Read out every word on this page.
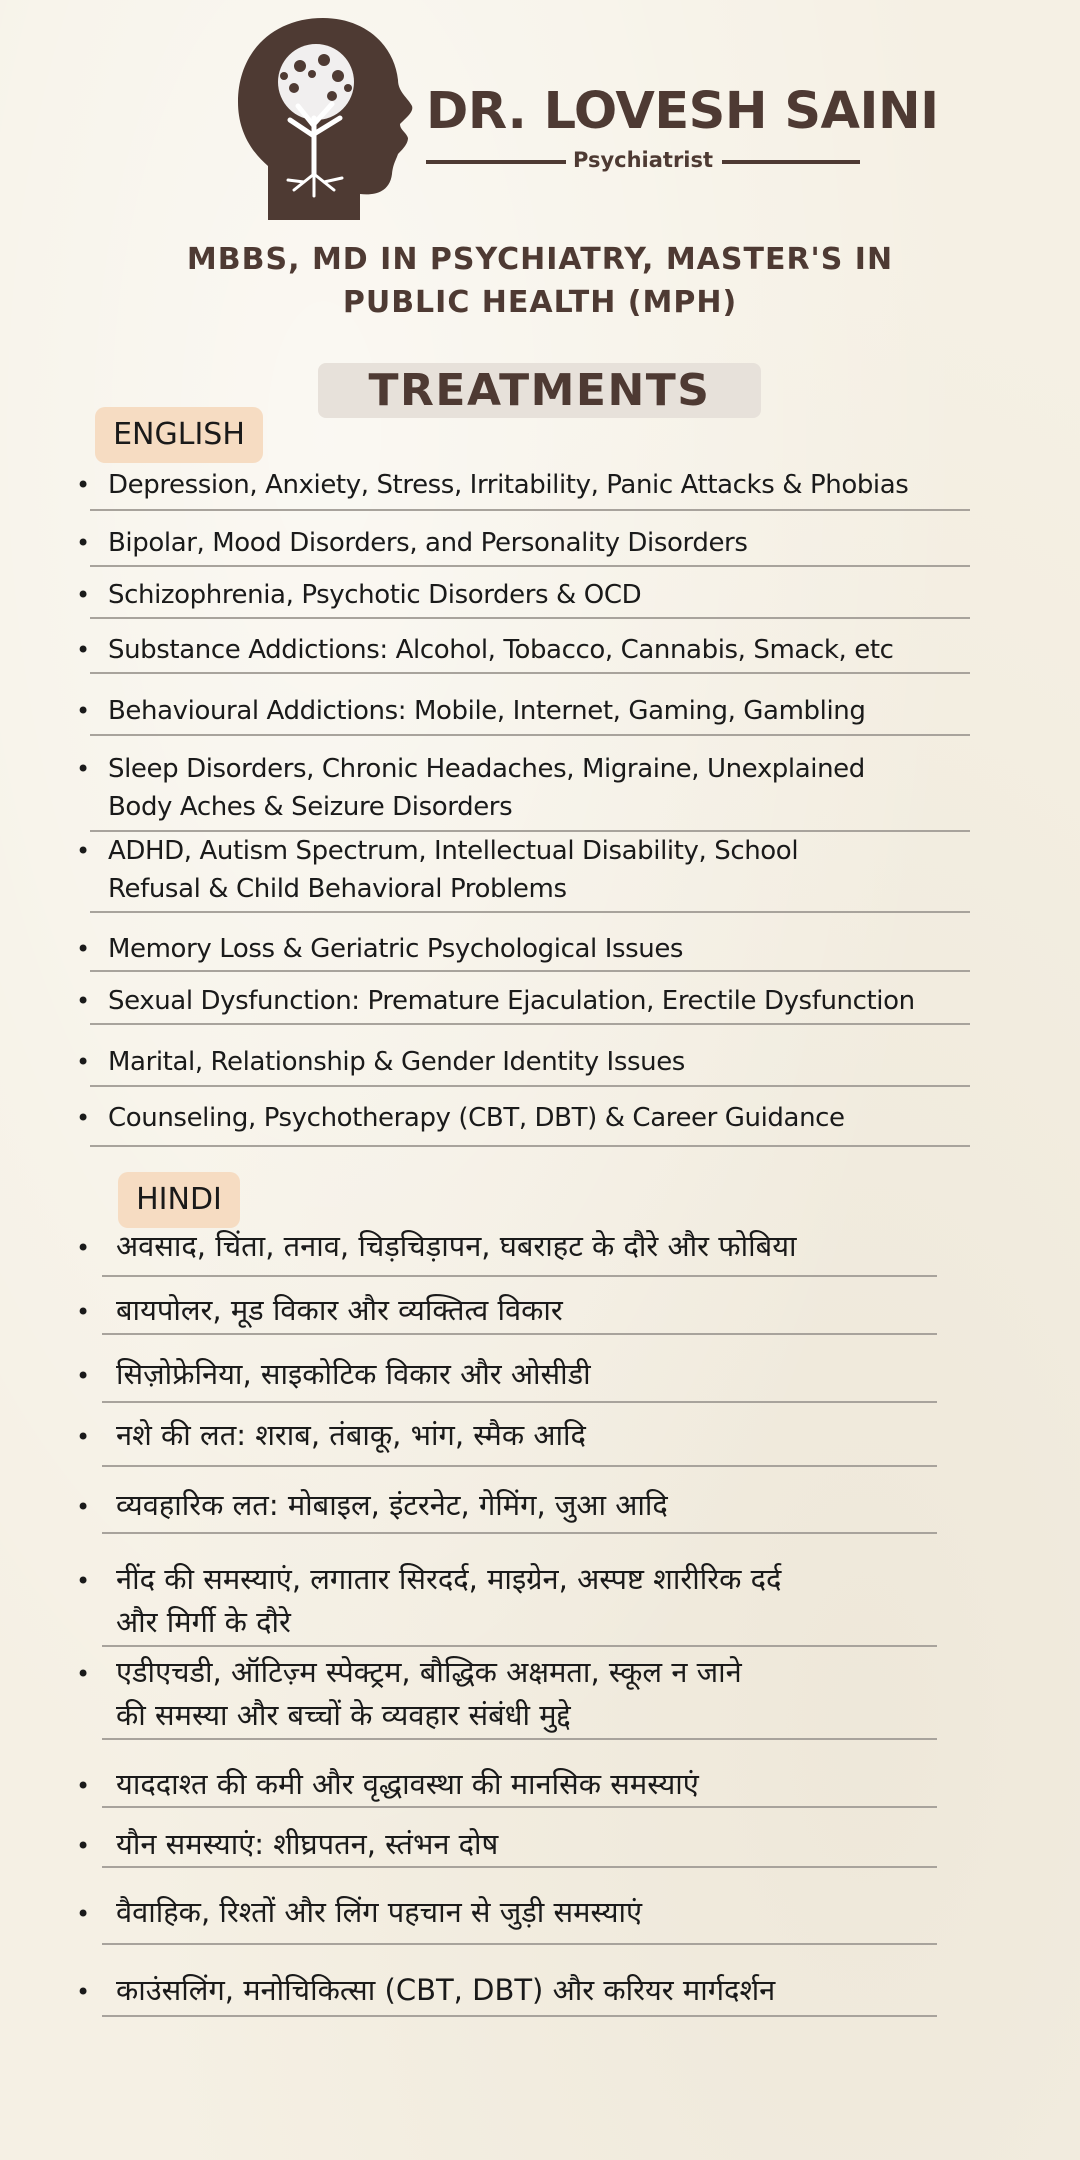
DR. LOVESH SAINI
Psychiatrist
MBBS, MD IN PSYCHIATRY, MASTER'S IN
PUBLIC HEALTH (MPH)
TREATMENTS
ENGLISH
• Depression, Anxiety, Stress, Irritability, Panic Attacks & Phobias
• Bipolar, Mood Disorders, and Personality Disorders
• Schizophrenia, Psychotic Disorders & OCD
• Substance Addictions: Alcohol, Tobacco, Cannabis, Smack, etc
• Behavioural Addictions: Mobile, Internet, Gaming, Gambling
• Sleep Disorders, Chronic Headaches, Migraine, Unexplained
Body Aches & Seizure Disorders
• ADHD, Autism Spectrum, Intellectual Disability, School
Refusal & Child Behavioral Problems
• Memory Loss & Geriatric Psychological Issues
• Sexual Dysfunction: Premature Ejaculation, Erectile Dysfunction
• Marital, Relationship & Gender Identity Issues
• Counseling, Psychotherapy (CBT, DBT) & Career Guidance
HINDI
• अवसाद, चिंता, तनाव, चिड़चिड़ापन, घबराहट के दौरे और फोबिया
• बायपोलर, मूड विकार और व्यक्तित्व विकार
• सिज़ोफ्रेनिया, साइकोटिक विकार और ओसीडी
• नशे की लत: शराब, तंबाकू, भांग, स्मैक आदि
• व्यवहारिक लत: मोबाइल, इंटरनेट, गेमिंग, जुआ आदि
• नींद की समस्याएं, लगातार सिरदर्द, माइग्रेन, अस्पष्ट शारीरिक दर्द
और मिर्गी के दौरे
• एडीएचडी, ऑटिज़्म स्पेक्ट्रम, बौद्धिक अक्षमता, स्कूल न जाने
की समस्या और बच्चों के व्यवहार संबंधी मुद्दे
• याददाश्त की कमी और वृद्धावस्था की मानसिक समस्याएं
• यौन समस्याएं: शीघ्रपतन, स्तंभन दोष
• वैवाहिक, रिश्तों और लिंग पहचान से जुड़ी समस्याएं
• काउंसलिंग, मनोचिकित्सा (CBT, DBT) और करियर मार्गदर्शन
